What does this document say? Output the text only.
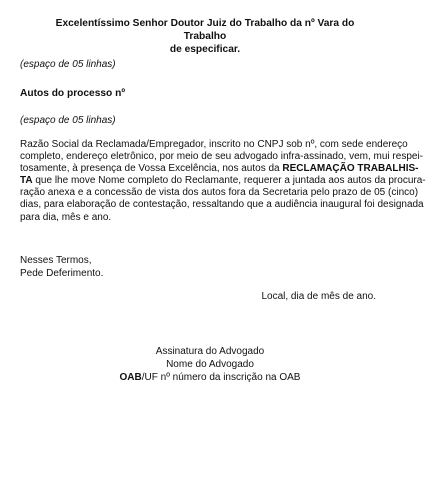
Excelentíssimo Senhor Doutor Juiz do Trabalho da nº Vara do Trabalho
de especificar.
(espaço de 05 linhas)
Autos do processo nº
(espaço de 05 linhas)
Razão Social da Reclamada/Empregador, inscrito no CNPJ sob nº, com sede endereço
completo, endereço eletrônico, por meio de seu advogado infra-assinado, vem, mui respei-
tosamente, à presença de Vossa Excelência, nos autos da RECLAMAÇÃO TRABALHIS-
TA que lhe move Nome completo do Reclamante, requerer a juntada aos autos da procura-
ração anexa e a concessão de vista dos autos fora da Secretaria pelo prazo de 05 (cinco)
dias, para elaboração de contestação, ressaltando que a audiência inaugural foi designada
para dia, mês e ano.
Nesses Termos,
Pede Deferimento.
Local, dia de mês de ano.
Assinatura do Advogado
Nome do Advogado
OAB/UF nº número da inscrição na OAB
